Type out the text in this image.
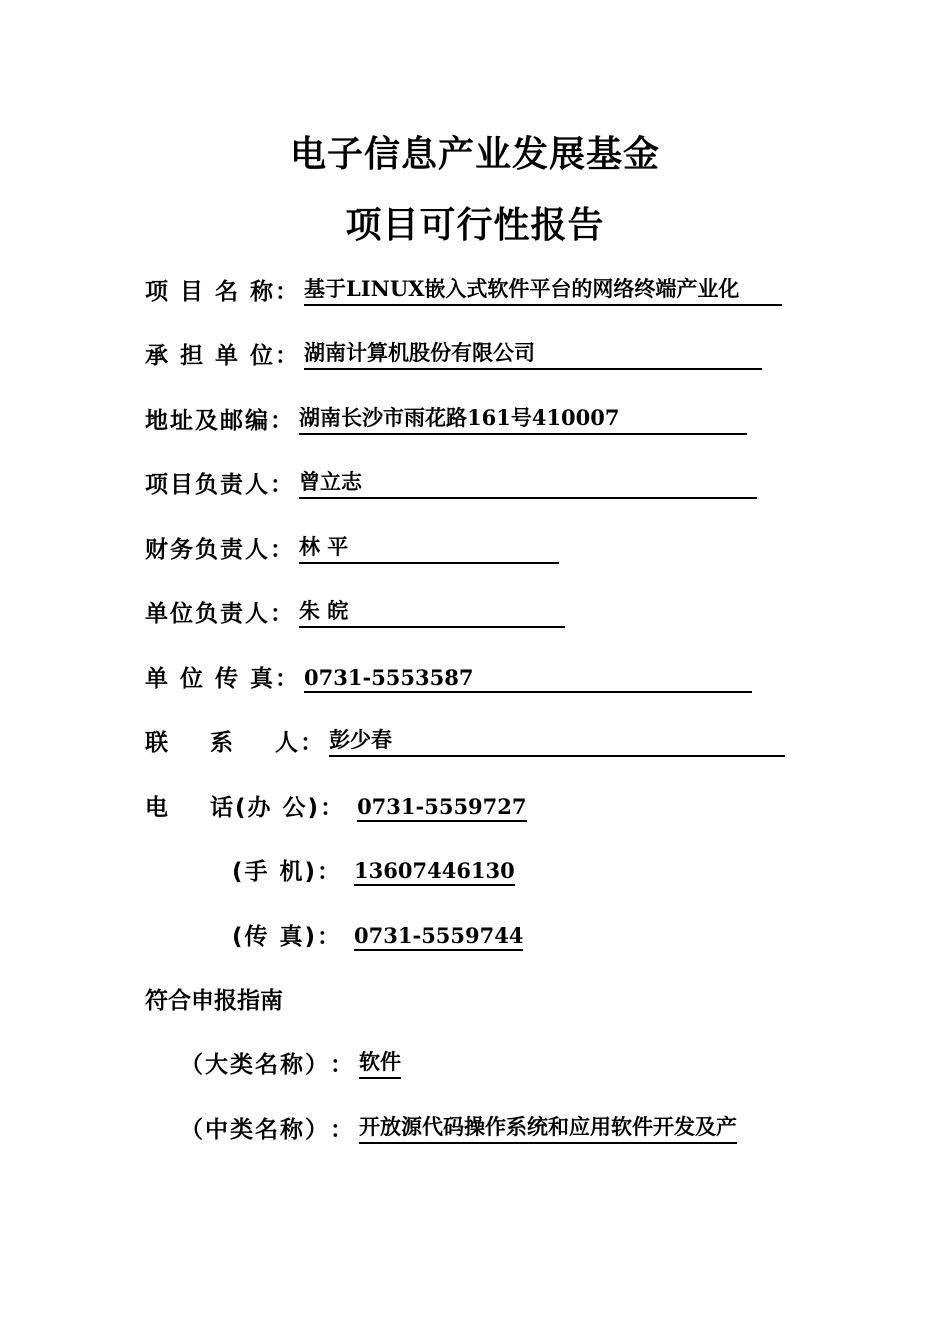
电子信息产业发展基金
项目可行性报告
项 目 名 称 ： 基于LINUX嵌入式软件平台的网络终端产业化
承 担 单 位 ： 湖南计算机股份有限公司
地址及邮编 ： 湖南长沙市雨花路161号410007
项目负责人 ： 曾立志
财务负责人 ： 林 平
单位负责人 ： 朱 皖
单 位 传 真 ： 0731-5553587
联    系    人 ： 彭少春
电    话(办 公) ： 0731-5559727
(手 机) ： 13607446130
(传 真) ： 0731-5559744
符合申报指南
（大类名称） ： 软件
（中类名称） ： 开放源代码操作系统和应用软件开发及产
